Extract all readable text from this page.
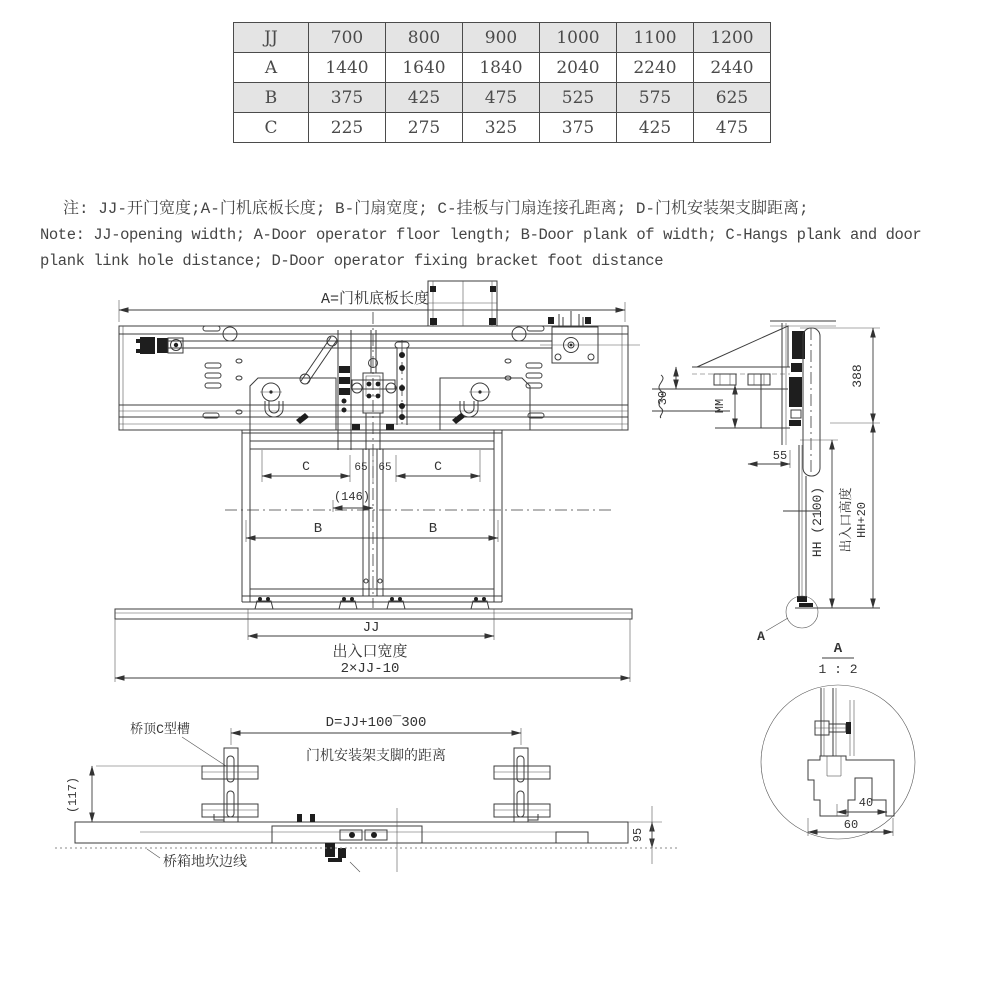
JJ	700	800	900	1000	1100	1200
A	1440	1640	1840	2040	2240	2440
B	375	425	475	525	575	625
C	225	275	325	375	425	475
注: JJ-开门宽度;A-门机底板长度; B-门扇宽度; C-挂板与门扇连接孔距离; D-门机安装架支脚距离;
Note: JJ-opening width; A-Door operator floor length; B-Door plank of width; C-Hangs plank and door
plank link hole distance; D-Door operator fixing bracket foot distance
A=门机底板长度
C	65 65	C
(146)
B	B
JJ
出入口宽度
2×JJ-10
30
MM
55
388
HH (2100) 出入口高度 HH+20
A
A
1 : 2
40
60
桥顶C型槽	D=JJ+100‾300
门机安装架支脚的距离
(117)
95
桥箱地坎边线
